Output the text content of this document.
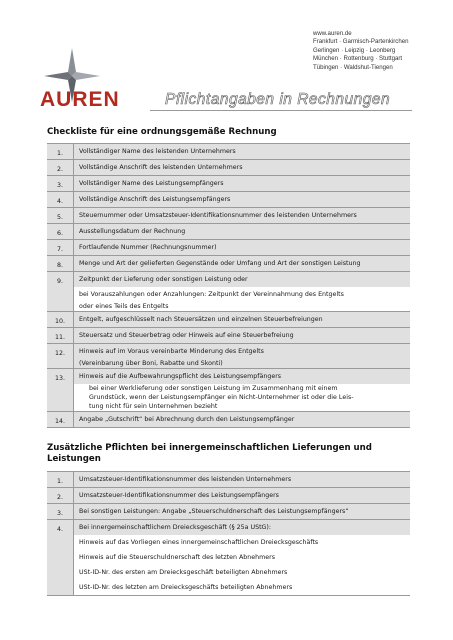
www.auren.de
Frankfurt · Garmisch-Partenkirchen
Gerlingen · Leipzig · Leonberg
München · Rottenburg · Stuttgart
Tübingen · Waldshut-Tiengen
AUREN	Pflichtangaben in Rechnungen
Checkliste für eine ordnungsgemäße Rechnung
1.	Vollständiger Name des leistenden Unternehmers
2.	Vollständige Anschrift des leistenden Unternehmers
3.	Vollständiger Name des Leistungsempfängers
4.	Vollständige Anschrift des Leistungsempfängers
5.	Steuernummer oder Umsatzsteuer-Identifikationsnummer des leistenden Unternehmers
6.	Ausstellungsdatum der Rechnung
7.	Fortlaufende Nummer (Rechnungsnummer)
8.	Menge und Art der gelieferten Gegenstände oder Umfang und Art der sonstigen Leistung
9.	Zeitpunkt der Lieferung oder sonstigen Leistung oder
bei Vorauszahlungen oder Anzahlungen: Zeitpunkt der Vereinnahmung des Entgelts
oder eines Teils des Entgelts
10.	Entgelt, aufgeschlüsselt nach Steuersätzen und einzelnen Steuerbefreiungen
11.	Steuersatz und Steuerbetrag oder Hinweis auf eine Steuerbefreiung
12.	Hinweis auf im Voraus vereinbarte Minderung des Entgelts
(Vereinbarung über Boni, Rabatte und Skonti)
13.	Hinweis auf die Aufbewahrungspflicht des Leistungsempfängers
bei einer Werklieferung oder sonstigen Leistung im Zusammenhang mit einem
Grundstück, wenn der Leistungsempfänger ein Nicht-Unternehmer ist oder die Leis-
tung nicht für sein Unternehmen bezieht
14.	Angabe „Gutschrift“ bei Abrechnung durch den Leistungsempfänger
Zusätzliche Pflichten bei innergemeinschaftlichen Lieferungen und Leistungen
1.	Umsatzsteuer-Identifikationsnummer des leistenden Unternehmers
2.	Umsatzsteuer-Identifikationsnummer des Leistungsempfängers
3.	Bei sonstigen Leistungen: Angabe „Steuerschuldnerschaft des Leistungsempfängers“
4.	Bei innergemeinschaftlichem Dreiecksgeschäft (§ 25a UStG):
Hinweis auf das Vorliegen eines innergemeinschaftlichen Dreiecksgeschäfts
Hinweis auf die Steuerschuldnerschaft des letzten Abnehmers
USt-ID-Nr. des ersten am Dreiecksgeschäft beteiligten Abnehmers
USt-ID-Nr. des letzten am Dreiecksgeschäfts beteiligten Abnehmers
